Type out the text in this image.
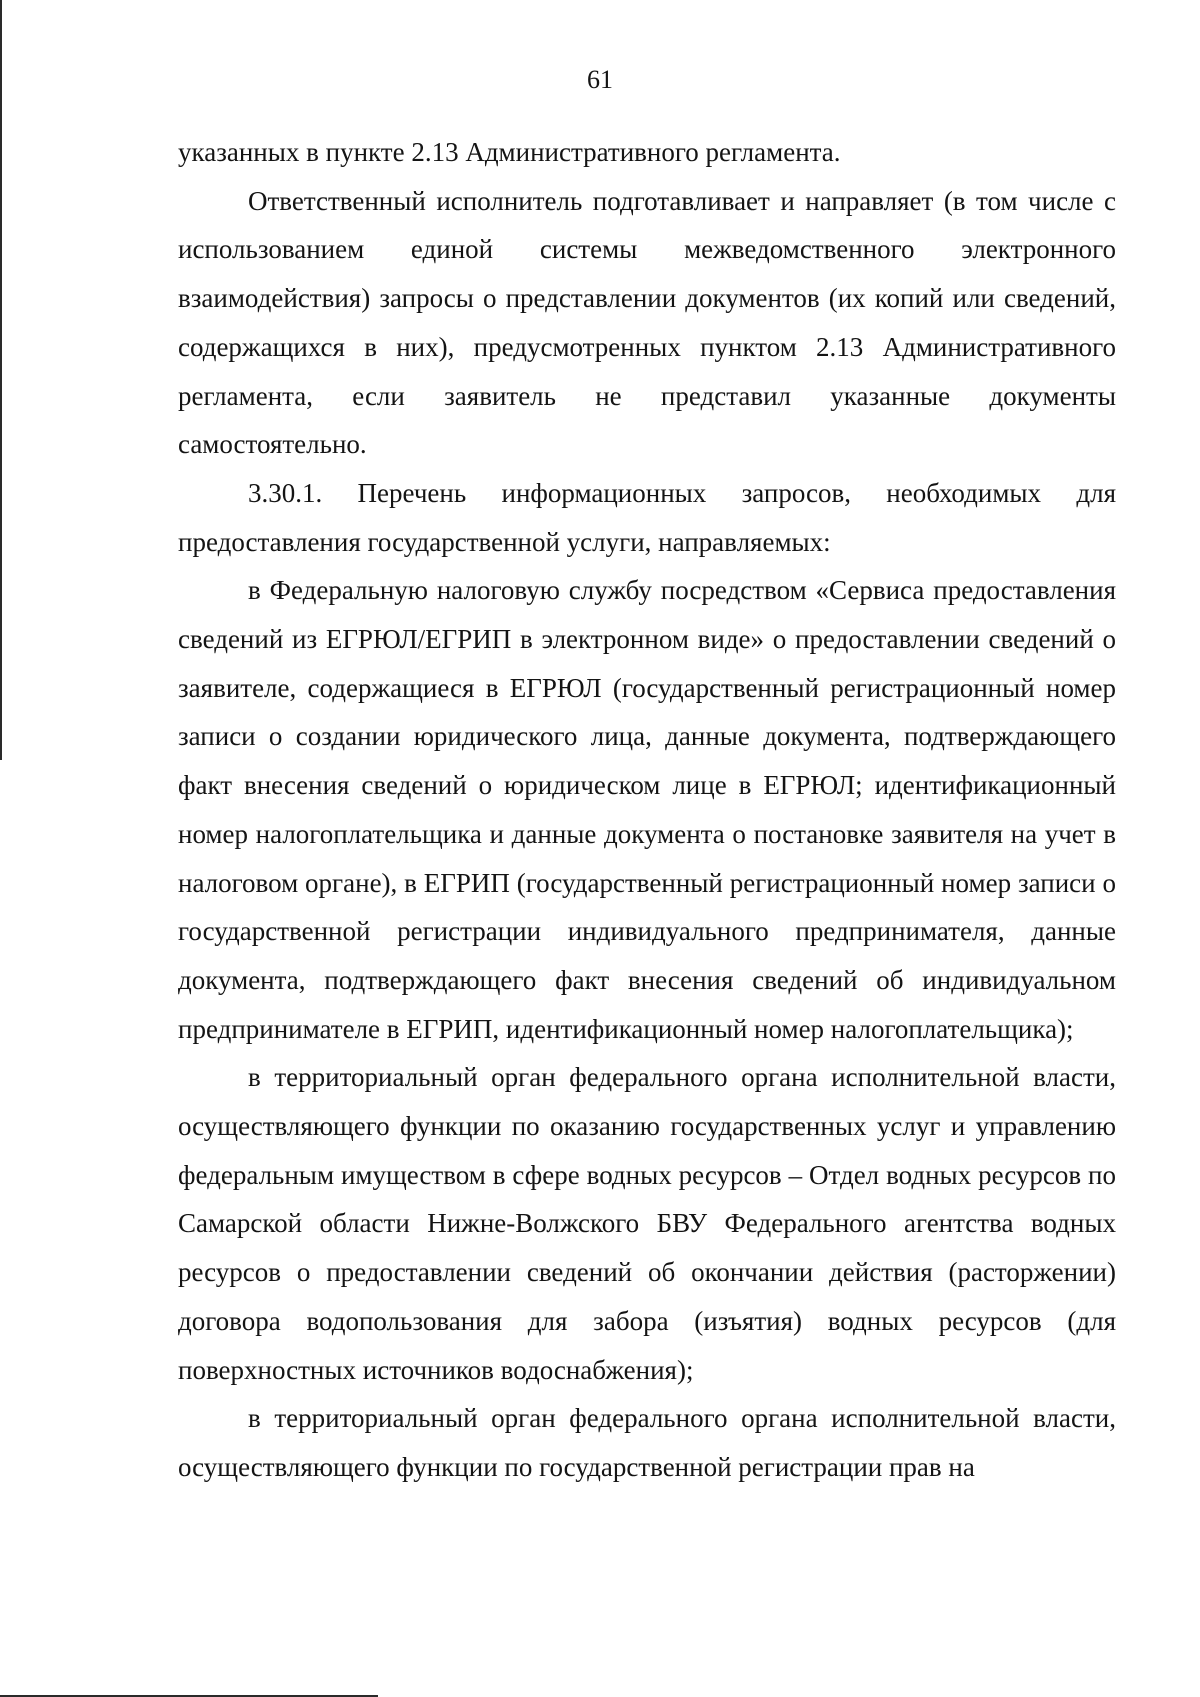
61

указанных в пункте 2.13 Административного регламента.

Ответственный исполнитель подготавливает и направляет (в том числе с использованием единой системы межведомственного электронного взаимодействия) запросы о представлении документов (их копий или сведений, содержащихся в них), предусмотренных пунктом 2.13 Административного регламента, если заявитель не представил указанные документы самостоятельно.

3.30.1. Перечень информационных запросов, необходимых для предоставления государственной услуги, направляемых:

в Федеральную налоговую службу посредством «Сервиса предоставления сведений из ЕГРЮЛ/ЕГРИП в электронном виде» о предоставлении сведений о заявителе, содержащиеся в ЕГРЮЛ (государственный регистрационный номер записи о создании юридического лица, данные документа, подтверждающего факт внесения сведений о юридическом лице в ЕГРЮЛ; идентификационный номер налогоплательщика и данные документа о постановке заявителя на учет в налоговом органе), в ЕГРИП (государственный регистрационный номер записи о государственной регистрации индивидуального предпринимателя, данные документа, подтверждающего факт внесения сведений об индивидуальном предпринимателе в ЕГРИП, идентификационный номер налогоплательщика);

в территориальный орган федерального органа исполнительной власти, осуществляющего функции по оказанию государственных услуг и управлению федеральным имуществом в сфере водных ресурсов – Отдел водных ресурсов по Самарской области Нижне-Волжского БВУ Федерального агентства водных ресурсов о предоставлении сведений об окончании действия (расторжении) договора водопользования для забора (изъятия) водных ресурсов (для поверхностных источников водоснабжения);

в территориальный орган федерального органа исполнительной власти, осуществляющего функции по государственной регистрации прав на
